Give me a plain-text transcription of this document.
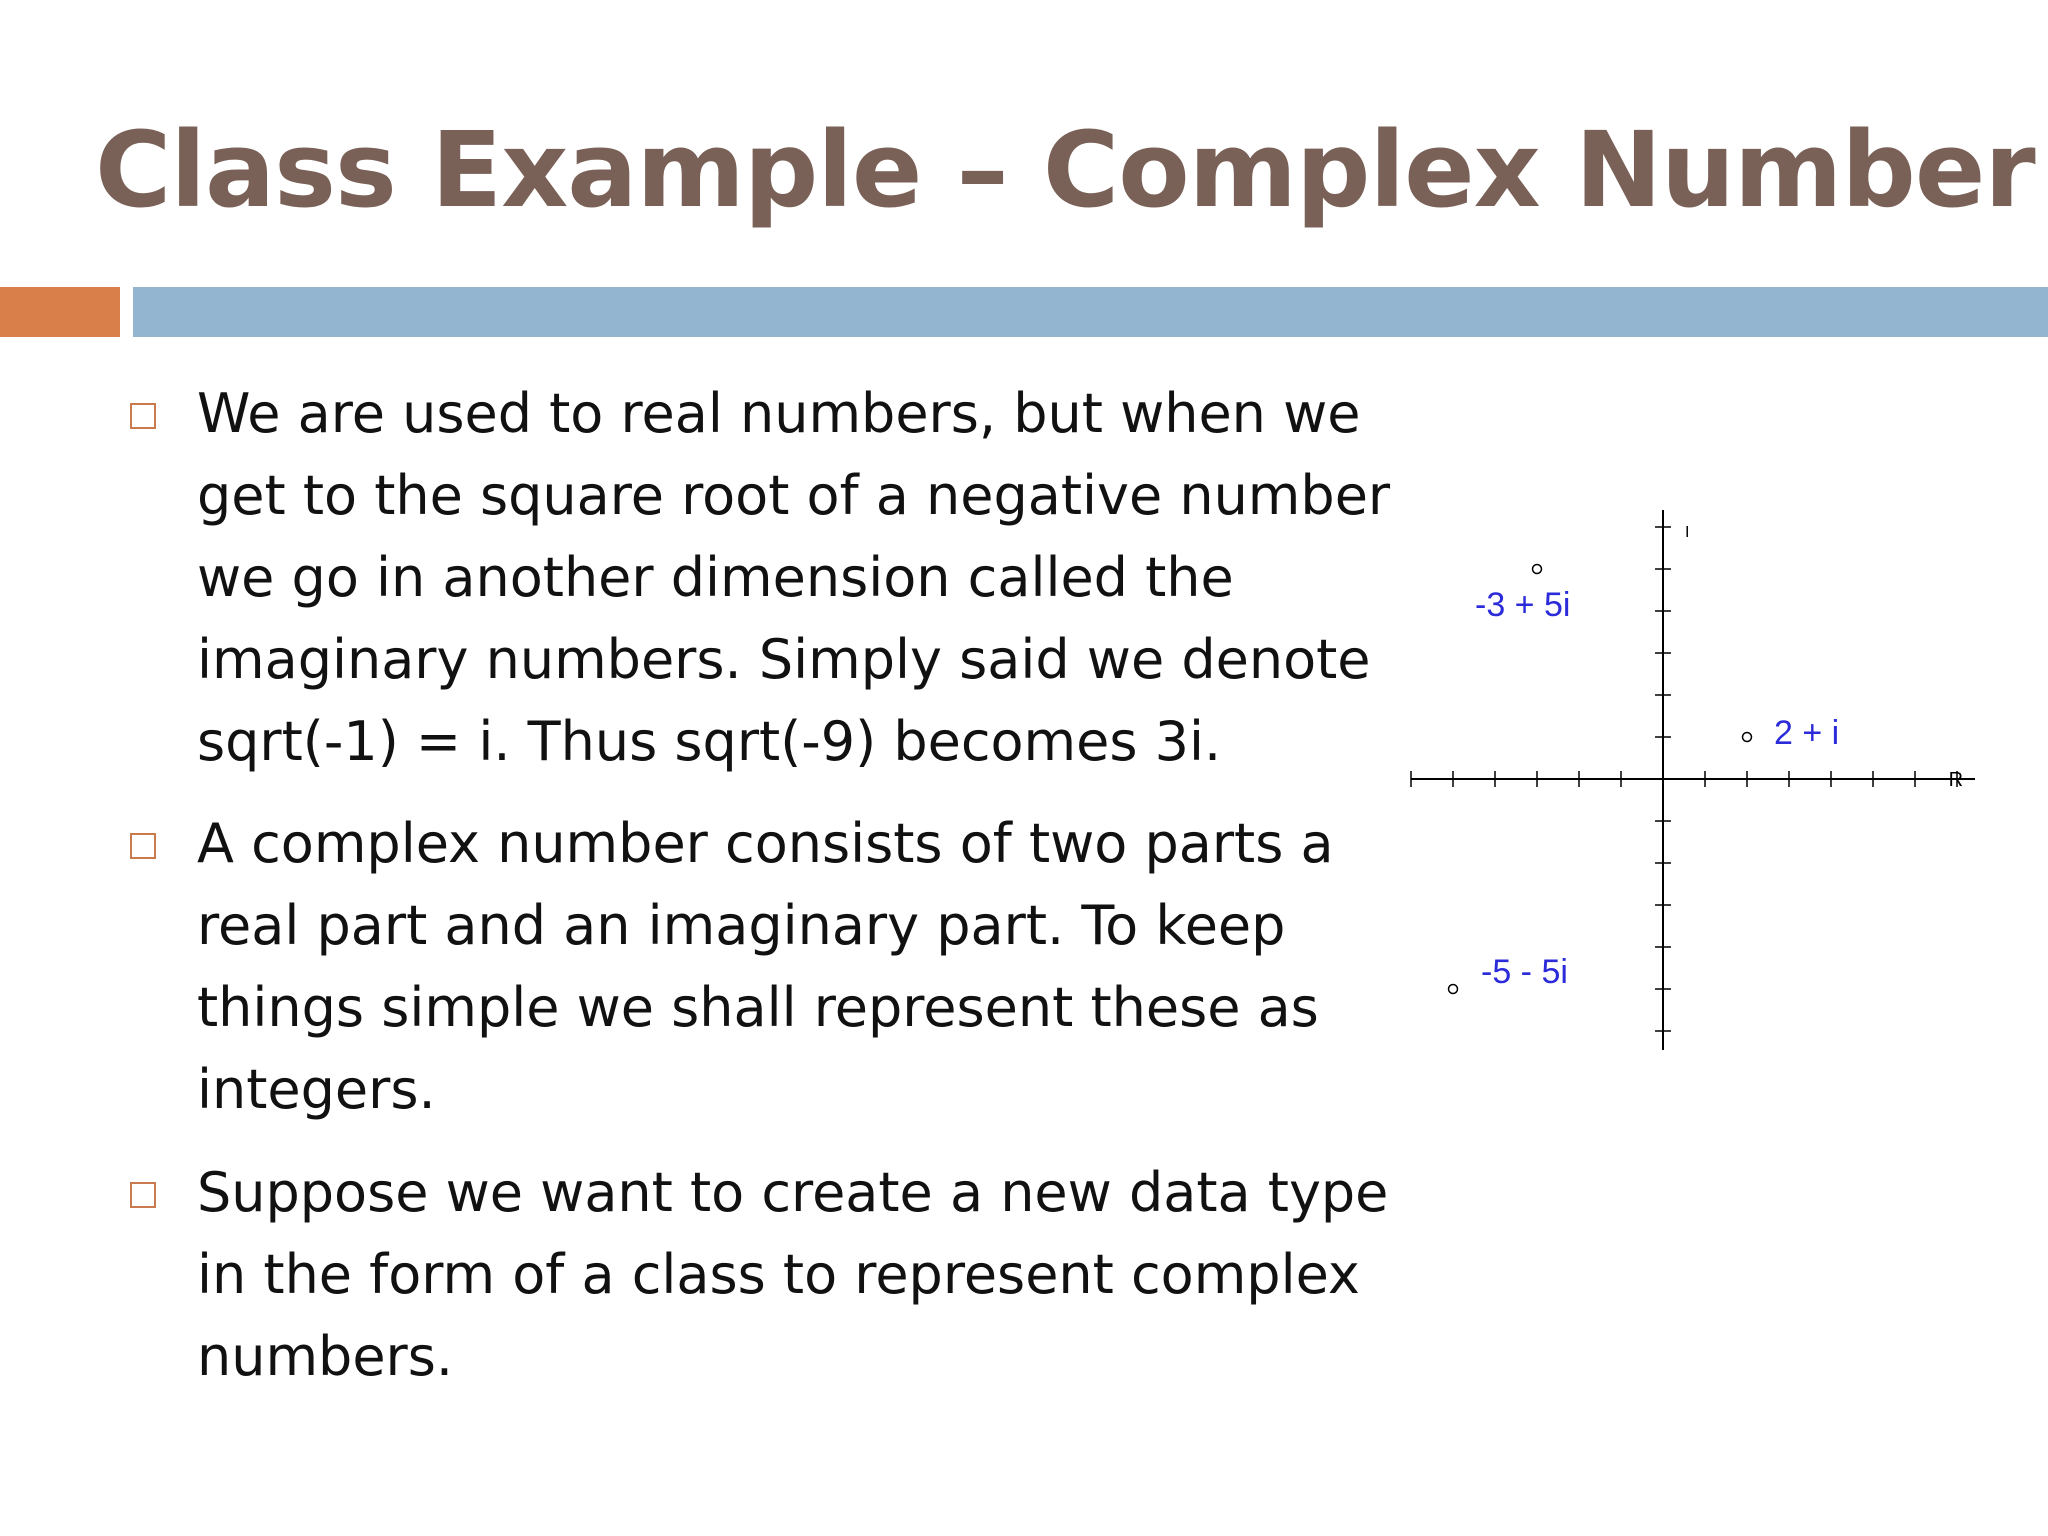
Class Example – Complex Number
We are used to real numbers, but when we get to the square root of a negative number we go in another dimension called the imaginary numbers. Simply said we denote sqrt(-1) = i. Thus sqrt(-9) becomes 3i.
A complex number consists of two parts a real part and an imaginary part. To keep things simple we shall represent these as integers.
Suppose we want to create a new data type in the form of a class to represent complex numbers.
R
I
-3 + 5i
2 + i
-5 - 5i
